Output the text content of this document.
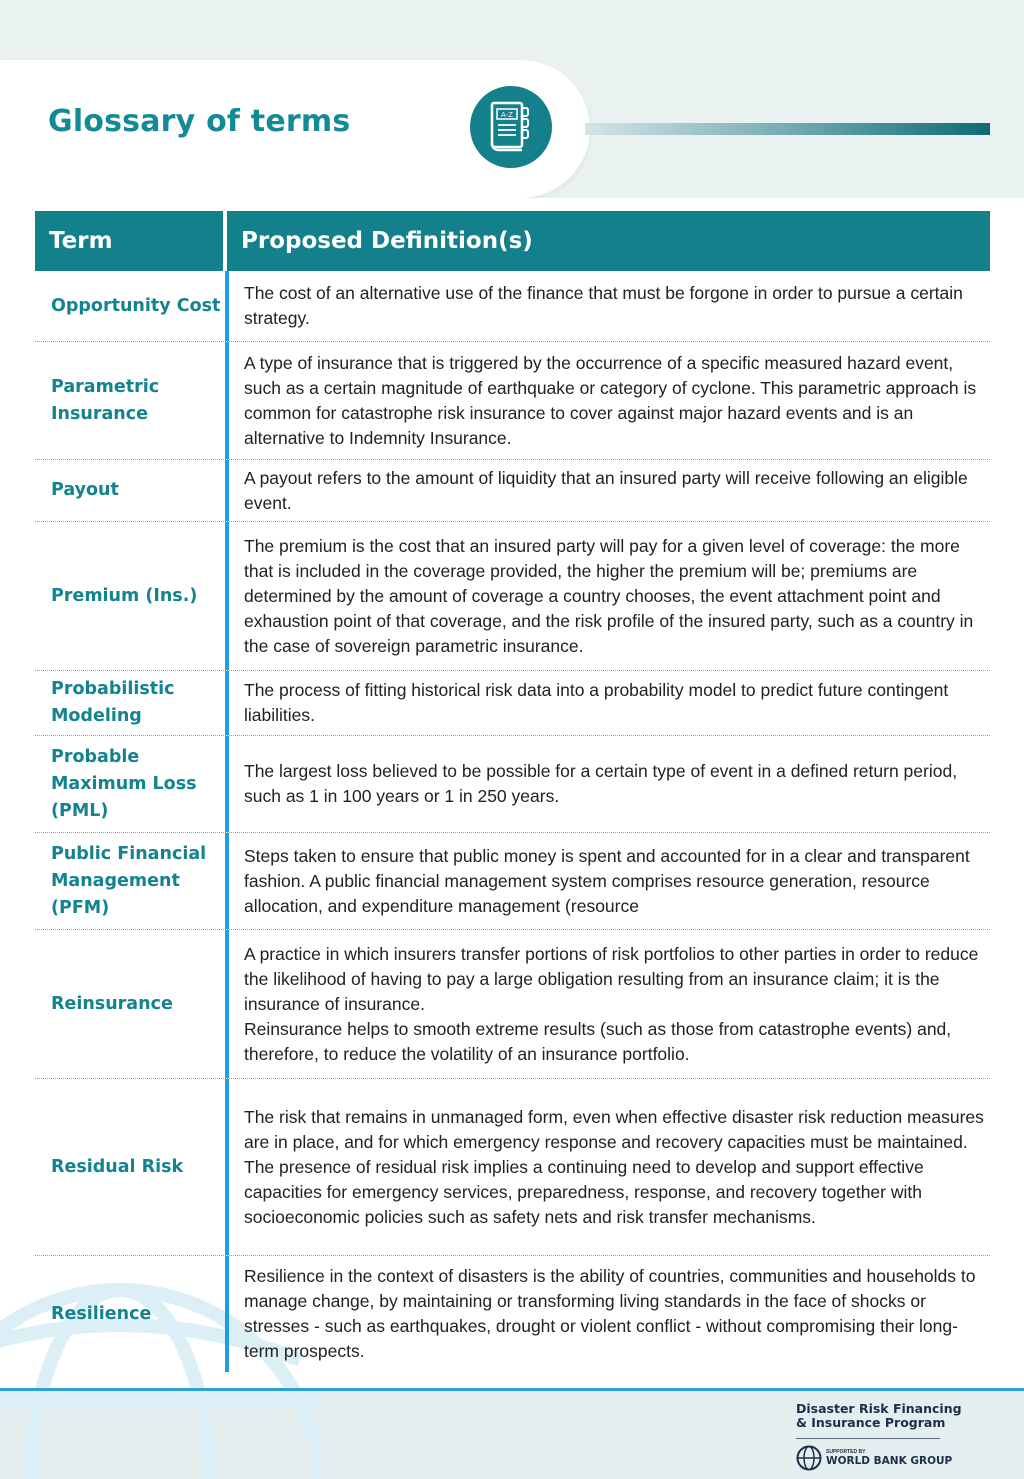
Glossary of terms	A-Z
Term	Proposed Definition(s)
Opportunity Cost
The cost of an alternative use of the finance that must be forgone in order to pursue a certain strategy.
Parametric Insurance
A type of insurance that is triggered by the occurrence of a specific measured hazard event, such as a certain magnitude of earthquake or category of cyclone. This parametric approach is common for catastrophe risk insurance to cover against major hazard events and is an alternative to Indemnity Insurance.
Payout
A payout refers to the amount of liquidity that an insured party will receive following an eligible event.
Premium (Ins.)
The premium is the cost that an insured party will pay for a given level of coverage: the more that is included in the coverage provided, the higher the premium will be; premiums are determined by the amount of coverage a country chooses, the event attachment point and exhaustion point of that coverage, and the risk profile of the insured party, such as a country in the case of sovereign parametric insurance.
Probabilistic Modeling
The process of fitting historical risk data into a probability model to predict future contingent liabilities.
Probable Maximum Loss (PML)
The largest loss believed to be possible for a certain type of event in a defined return period, such as 1 in 100 years or 1 in 250 years.
Public Financial Management (PFM)
Steps taken to ensure that public money is spent and accounted for in a clear and transparent fashion. A public financial management system comprises resource generation, resource allocation, and expenditure management (resource
Reinsurance
A practice in which insurers transfer portions of risk portfolios to other parties in order to reduce the likelihood of having to pay a large obligation resulting from an insurance claim; it is the insurance of insurance.
Reinsurance helps to smooth extreme results (such as those from catastrophe events) and, therefore, to reduce the volatility of an insurance portfolio.
Residual Risk
The risk that remains in unmanaged form, even when effective disaster risk reduction measures are in place, and for which emergency response and recovery capacities must be maintained. The presence of residual risk implies a continuing need to develop and support effective capacities for emergency services, preparedness, response, and recovery together with socioeconomic policies such as safety nets and risk transfer mechanisms.
Resilience
Resilience in the context of disasters is the ability of countries, communities and households to manage change, by maintaining or transforming living standards in the face of shocks or stresses - such as earthquakes, drought or violent conflict - without compromising their long-term prospects.
Disaster Risk Financing
& Insurance Program
SUPPORTED BY
WORLD BANK GROUP
